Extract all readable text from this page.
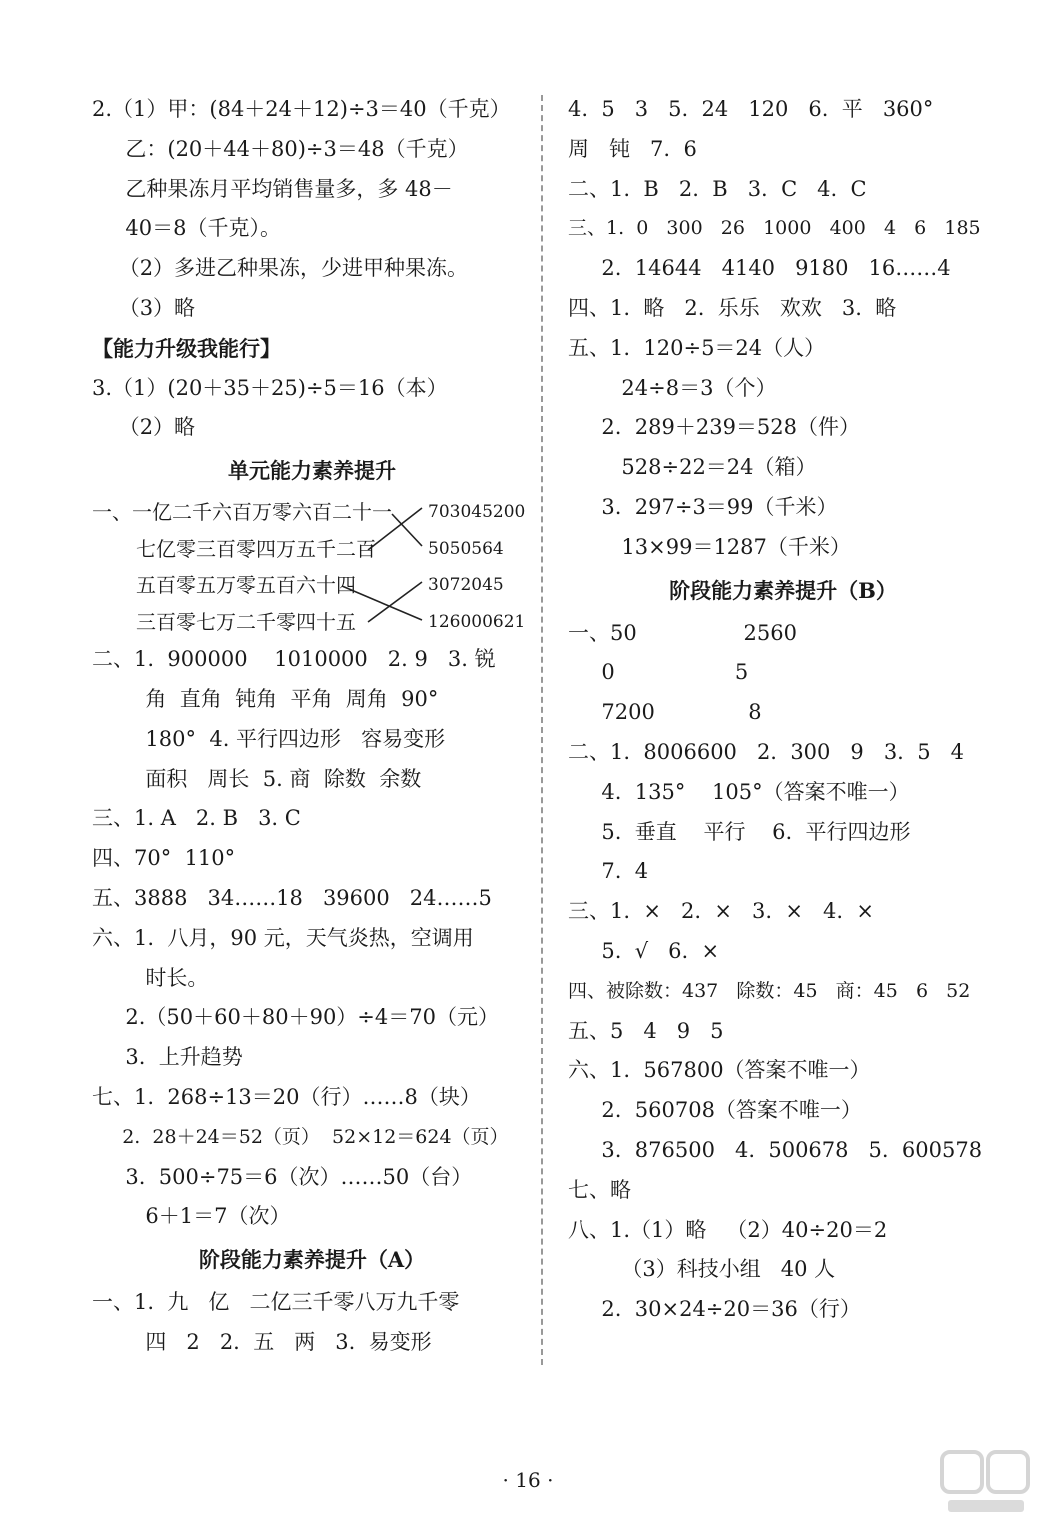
2.（1）甲：(84＋24＋12)÷3＝40（千克）
乙：(20＋44＋80)÷3＝48（千克）
乙种果冻月平均销售量多，多 48－
40＝8（千克）。
（2）多进乙种果冻，少进甲种果冻。
（3）略
【能力升级我能行】
3.（1）(20＋35＋25)÷5＝16（本）
（2）略
单元能力素养提升
一、一亿二千六百万零六百二十一 703045200
七亿零三百零四万五千二百	5050564
五百零五万零五百六十四	3072045
三百零七万二千零四十五	126000621
二、1.  900000    1010000   2. 9   3. 锐
角  直角  钝角  平角  周角  90°
180°  4. 平行四边形   容易变形
面积   周长  5. 商  除数  余数
三、1. A   2. B   3. C
四、70°  110°
五、3888   34……18   39600   24……5
六、1.  八月，90 元，天气炎热，空调用
时长。
2.（50＋60＋80＋90）÷4＝70（元）
3.  上升趋势
七、1.  268÷13＝20（行）……8（块）
2.  28＋24＝52（页）  52×12＝624（页）
3.  500÷75＝6（次）……50（台）
6＋1＝7（次）
阶段能力素养提升（A）
一、1.  九   亿   二亿三千零八万九千零
四   2   2.  五   两   3.  易变形
4.  5   3   5.  24   120   6.  平   360°
周   钝   7.  6
二、1.  B   2.  B   3.  C   4.  C
三、1.  0   300   26   1000   400   4   6   185
2.  14644   4140   9180   16……4
四、1.  略   2.  乐乐   欢欢   3.  略
五、1.  120÷5＝24（人）
24÷8＝3（个）
2.  289＋239＝528（件）
528÷22＝24（箱）
3.  297÷3＝99（千米）
13×99＝1287（千米）
阶段能力素养提升（B）
一、50                2560
0                  5
7200              8
二、1.  8006600   2.  300   9   3.  5   4
4.  135°    105°（答案不唯一）
5.  垂直    平行    6.  平行四边形
7.  4
三、1.  ×   2.  ×   3.  ×   4.  ×
5.  √   6.  ×
四、被除数：437   除数：45   商：45   6   52
五、5   4   9   5
六、1.  567800（答案不唯一）
2.  560708（答案不唯一）
3.  876500   4.  500678   5.  600578
七、略
八、1.（1）略   （2）40÷20＝2
（3）科技小组   40 人
2.  30×24÷20＝36（行）
· 16 ·
